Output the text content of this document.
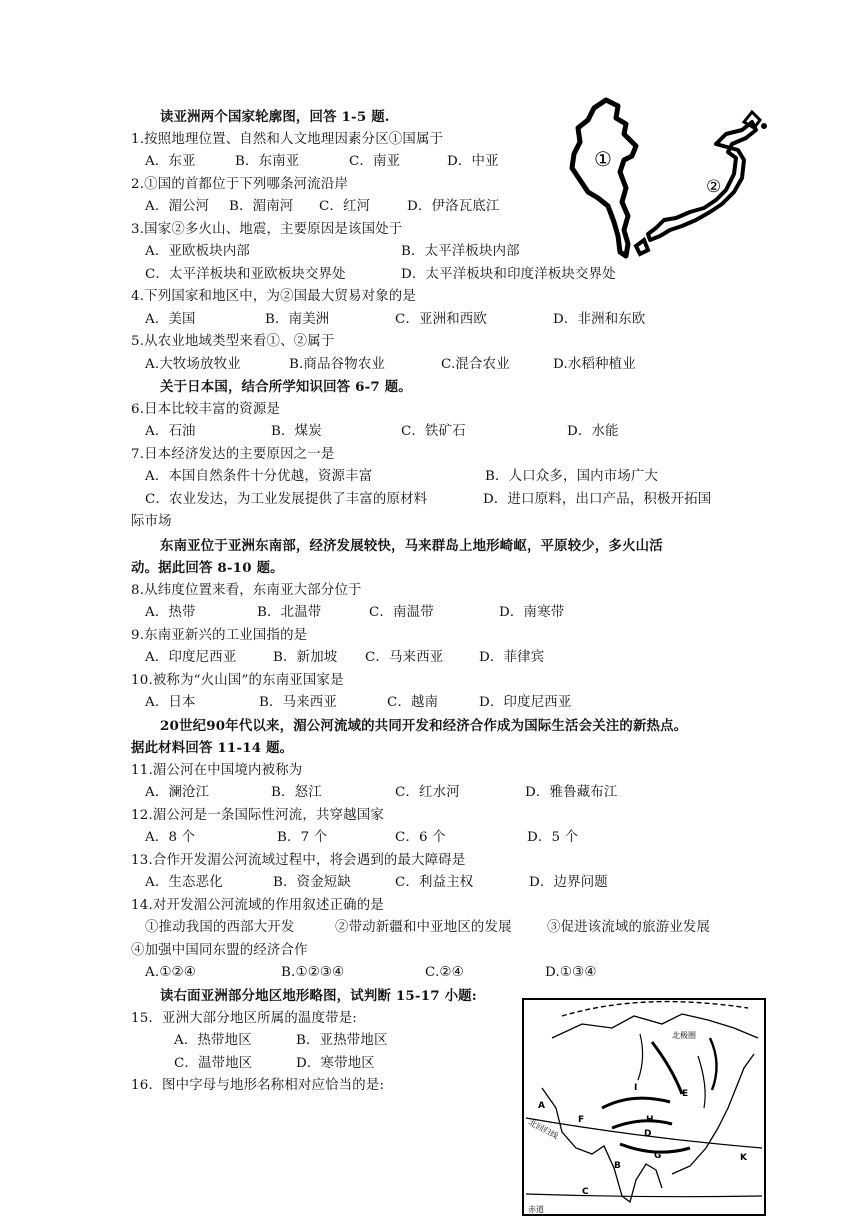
读亚洲两个国家轮廓图，回答 1-5 题.
1.按照地理位置、自然和人文地理因素分区①国属于
A．东亚	B．东南亚	C．南亚	D．中亚
2.①国的首都位于下列哪条河流沿岸
A．湄公河 B．湄南河 C．红河	D．伊洛瓦底江
3.国家②多火山、地震，主要原因是该国处于
A．亚欧板块内部	B．太平洋板块内部
C．太平洋板块和亚欧板块交界处	D．太平洋板块和印度洋板块交界处
4.下列国家和地区中，为②国最大贸易对象的是
A．美国	B．南美洲	C．亚洲和西欧	D．非洲和东欧
5.从农业地域类型来看①、②属于
A.大牧场放牧业	B.商品谷物农业	C.混合农业	D.水稻种植业
关于日本国，结合所学知识回答 6-7 题。
6.日本比较丰富的资源是
A．石油	B．煤炭	C．铁矿石	D．水能
7.日本经济发达的主要原因之一是
A．本国自然条件十分优越，资源丰富	B．人口众多，国内市场广大
C．农业发达，为工业发展提供了丰富的原材料	D．进口原料，出口产品，积极开拓国
际市场
东南亚位于亚洲东南部，经济发展较快，马来群岛上地形崎岖，平原较少，多火山活
动。据此回答 8-10 题。
8.从纬度位置来看，东南亚大部分位于
A．热带	B．北温带	C．南温带	D．南寒带
9.东南亚新兴的工业国指的是
A．印度尼西亚	B．新加坡 C．马来西亚	D．菲律宾
10.被称为“火山国”的东南亚国家是
A．日本	B．马来西亚	C．越南	D．印度尼西亚
20世纪90年代以来，湄公河流域的共同开发和经济合作成为国际生活会关注的新热点。
据此材料回答 11-14 题。
11.湄公河在中国境内被称为
A．澜沧江	B．怒江	C．红水河	D．雅鲁藏布江
12.湄公河是一条国际性河流，共穿越国家
A．8 个	B．7 个	C．6 个	D．5 个
13.合作开发湄公河流域过程中，将会遇到的最大障碍是
A．生态恶化	B．资金短缺	C．利益主权	D．边界问题
14.对开发湄公河流域的作用叙述正确的是
①推动我国的西部大开发	②带动新疆和中亚地区的发展	③促进该流域的旅游业发展
④加强中国同东盟的经济合作
A.①②④	B.①②③④	C.②④	D.①③④
读右面亚洲部分地区地形略图，试判断 15-17 小题:
15．亚洲大部分地区所属的温度带是:
A．热带地区	B．亚热带地区
C．温带地区	D．寒带地区
16．图中字母与地形名称相对应恰当的是:
①
②
北极圈
北回归线
赤道
A
B
C
D
E
F
G
H
I
K
